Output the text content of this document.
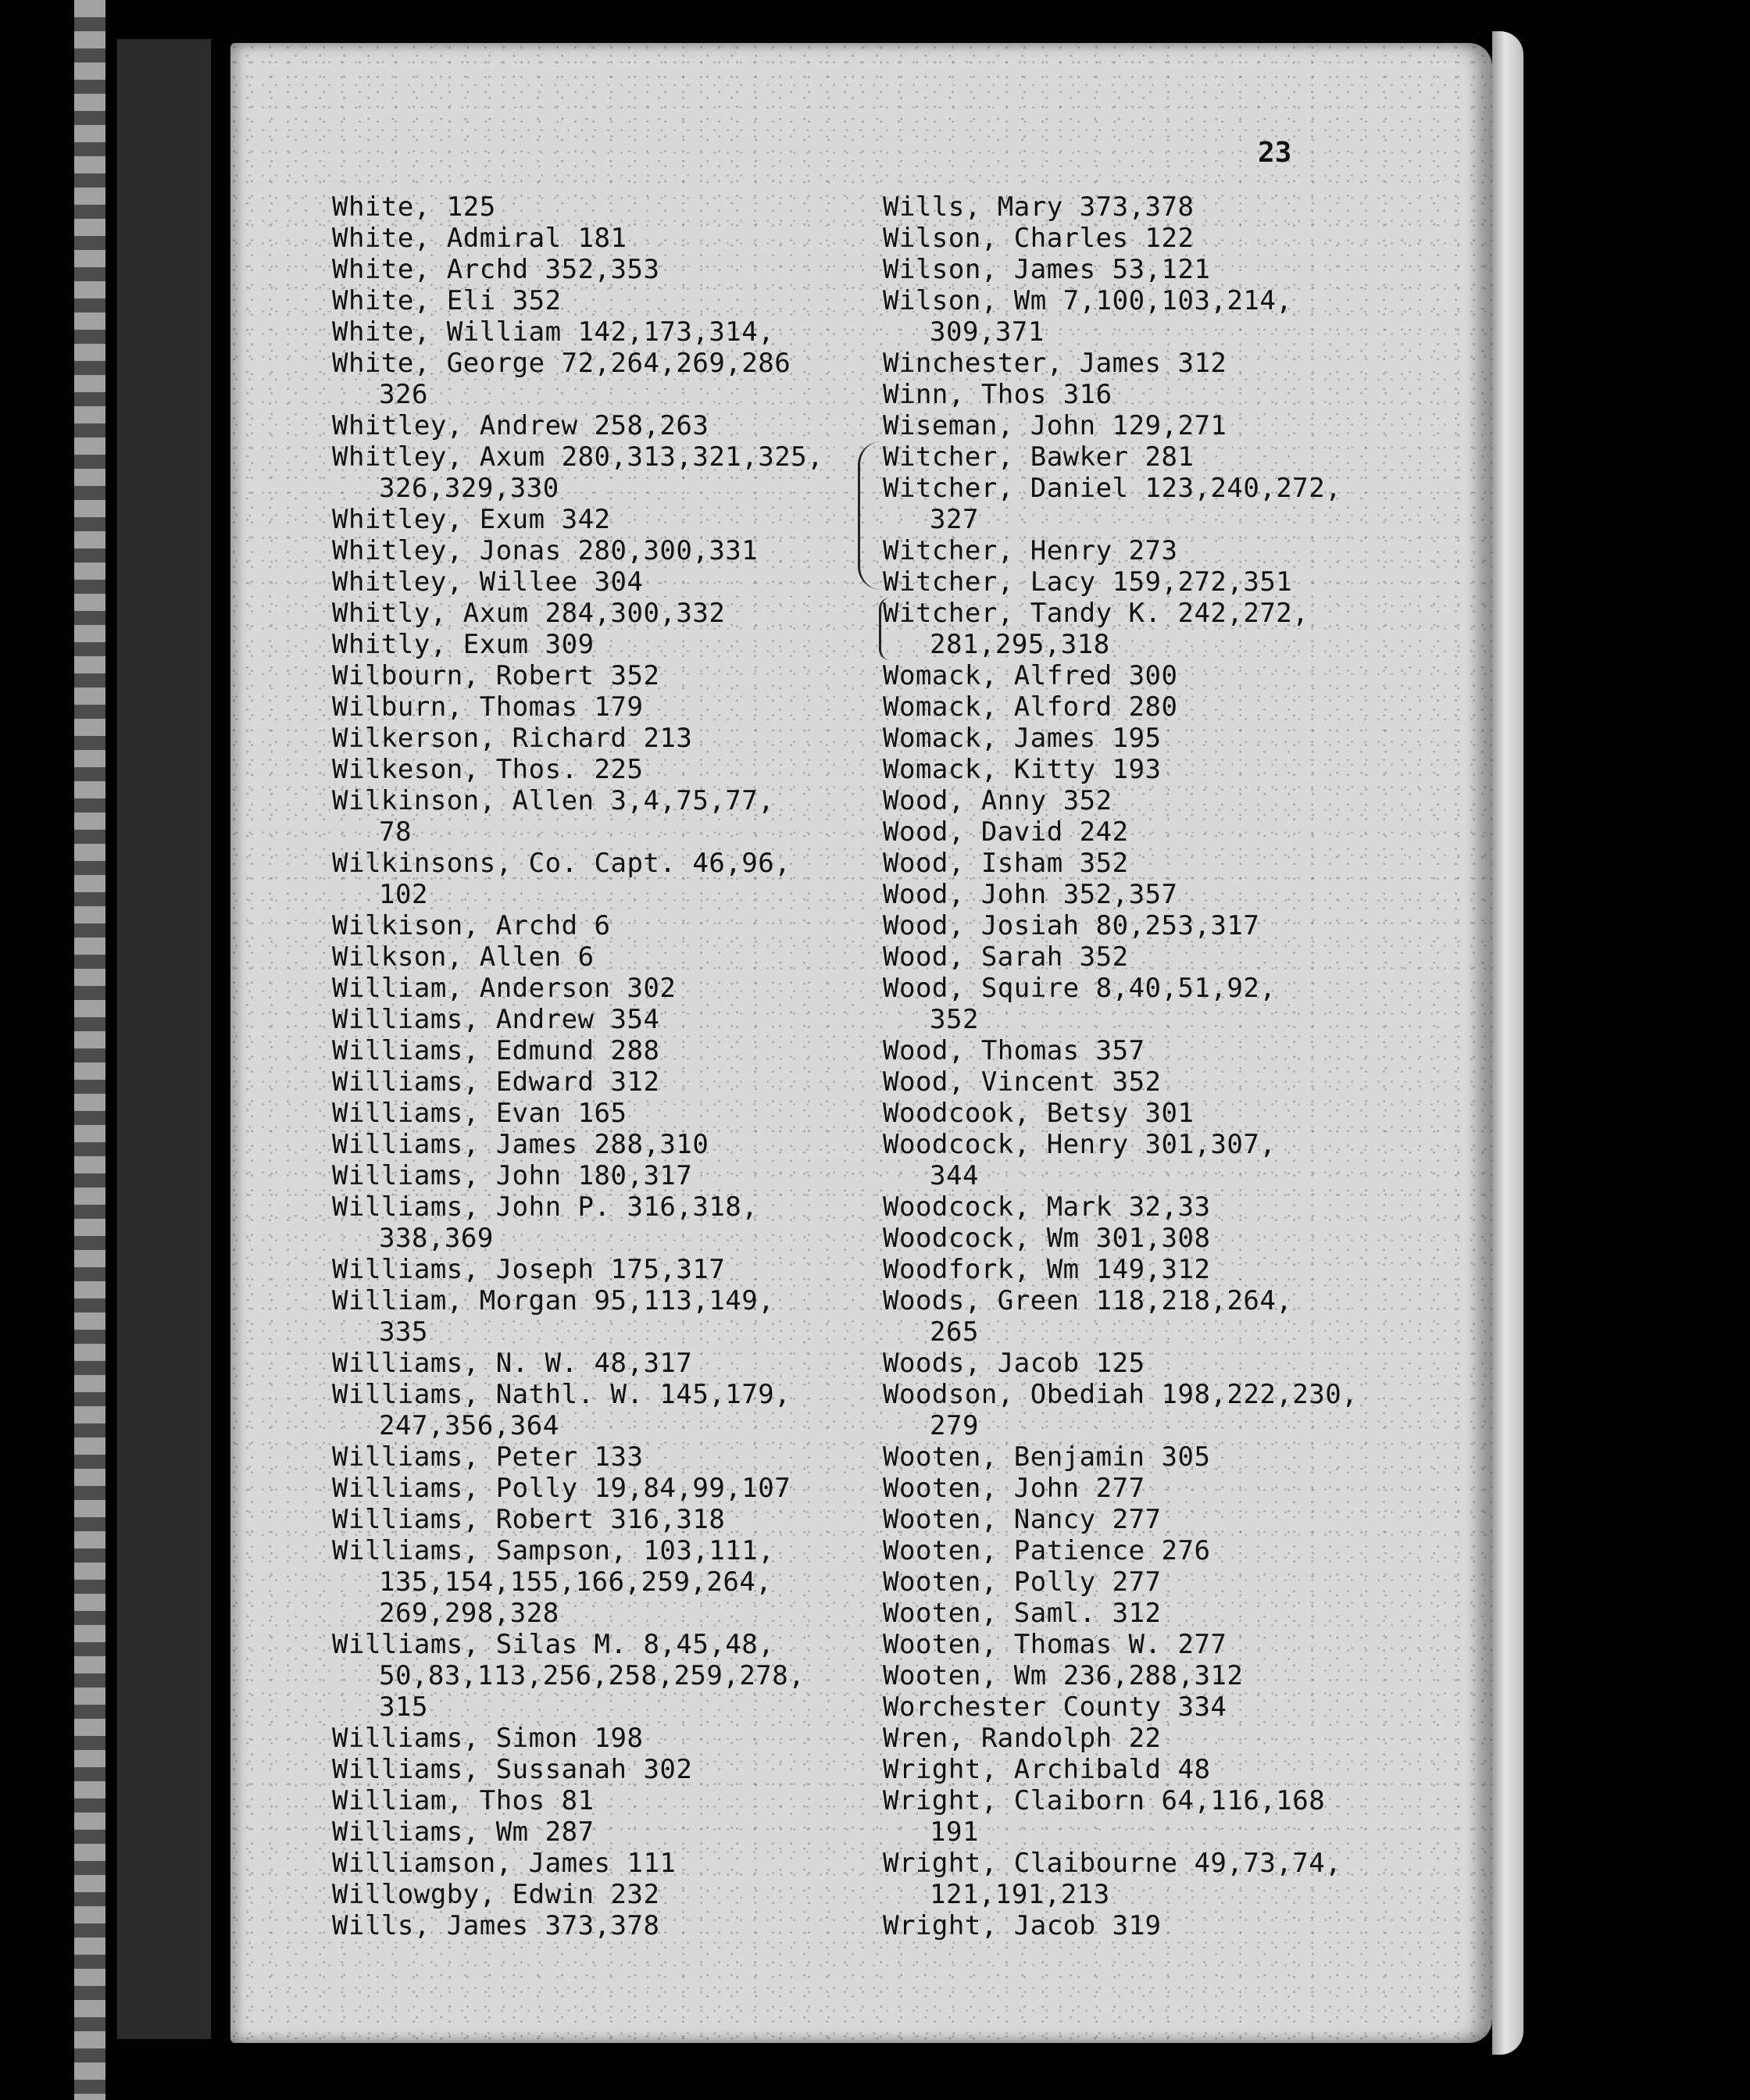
23
White, 125
White, Admiral 181
White, Archd 352,353
White, Eli 352
White, William 142,173,314,
White, George 72,264,269,286
326
Whitley, Andrew 258,263
Whitley, Axum 280,313,321,325,
326,329,330
Whitley, Exum 342
Whitley, Jonas 280,300,331
Whitley, Willee 304
Whitly, Axum 284,300,332
Whitly, Exum 309
Wilbourn, Robert 352
Wilburn, Thomas 179
Wilkerson, Richard 213
Wilkeson, Thos. 225
Wilkinson, Allen 3,4,75,77,
78
Wilkinsons, Co. Capt. 46,96,
102
Wilkison, Archd 6
Wilkson, Allen 6
William, Anderson 302
Williams, Andrew 354
Williams, Edmund 288
Williams, Edward 312
Williams, Evan 165
Williams, James 288,310
Williams, John 180,317
Williams, John P. 316,318,
338,369
Williams, Joseph 175,317
William, Morgan 95,113,149,
335
Williams, N. W. 48,317
Williams, Nathl. W. 145,179,
247,356,364
Williams, Peter 133
Williams, Polly 19,84,99,107
Williams, Robert 316,318
Williams, Sampson, 103,111,
135,154,155,166,259,264,
269,298,328
Williams, Silas M. 8,45,48,
50,83,113,256,258,259,278,
315
Williams, Simon 198
Williams, Sussanah 302
William, Thos 81
Williams, Wm 287
Williamson, James 111
Willowgby, Edwin 232
Wills, James 373,378
Wills, Mary 373,378
Wilson, Charles 122
Wilson, James 53,121
Wilson, Wm 7,100,103,214,
309,371
Winchester, James 312
Winn, Thos 316
Wiseman, John 129,271
Witcher, Bawker 281
Witcher, Daniel 123,240,272,
327
Witcher, Henry 273
Witcher, Lacy 159,272,351
Witcher, Tandy K. 242,272,
281,295,318
Womack, Alfred 300
Womack, Alford 280
Womack, James 195
Womack, Kitty 193
Wood, Anny 352
Wood, David 242
Wood, Isham 352
Wood, John 352,357
Wood, Josiah 80,253,317
Wood, Sarah 352
Wood, Squire 8,40,51,92,
352
Wood, Thomas 357
Wood, Vincent 352
Woodcook, Betsy 301
Woodcock, Henry 301,307,
344
Woodcock, Mark 32,33
Woodcock, Wm 301,308
Woodfork, Wm 149,312
Woods, Green 118,218,264,
265
Woods, Jacob 125
Woodson, Obediah 198,222,230,
279
Wooten, Benjamin 305
Wooten, John 277
Wooten, Nancy 277
Wooten, Patience 276
Wooten, Polly 277
Wooten, Saml. 312
Wooten, Thomas W. 277
Wooten, Wm 236,288,312
Worchester County 334
Wren, Randolph 22
Wright, Archibald 48
Wright, Claiborn 64,116,168
191
Wright, Claibourne 49,73,74,
121,191,213
Wright, Jacob 319
